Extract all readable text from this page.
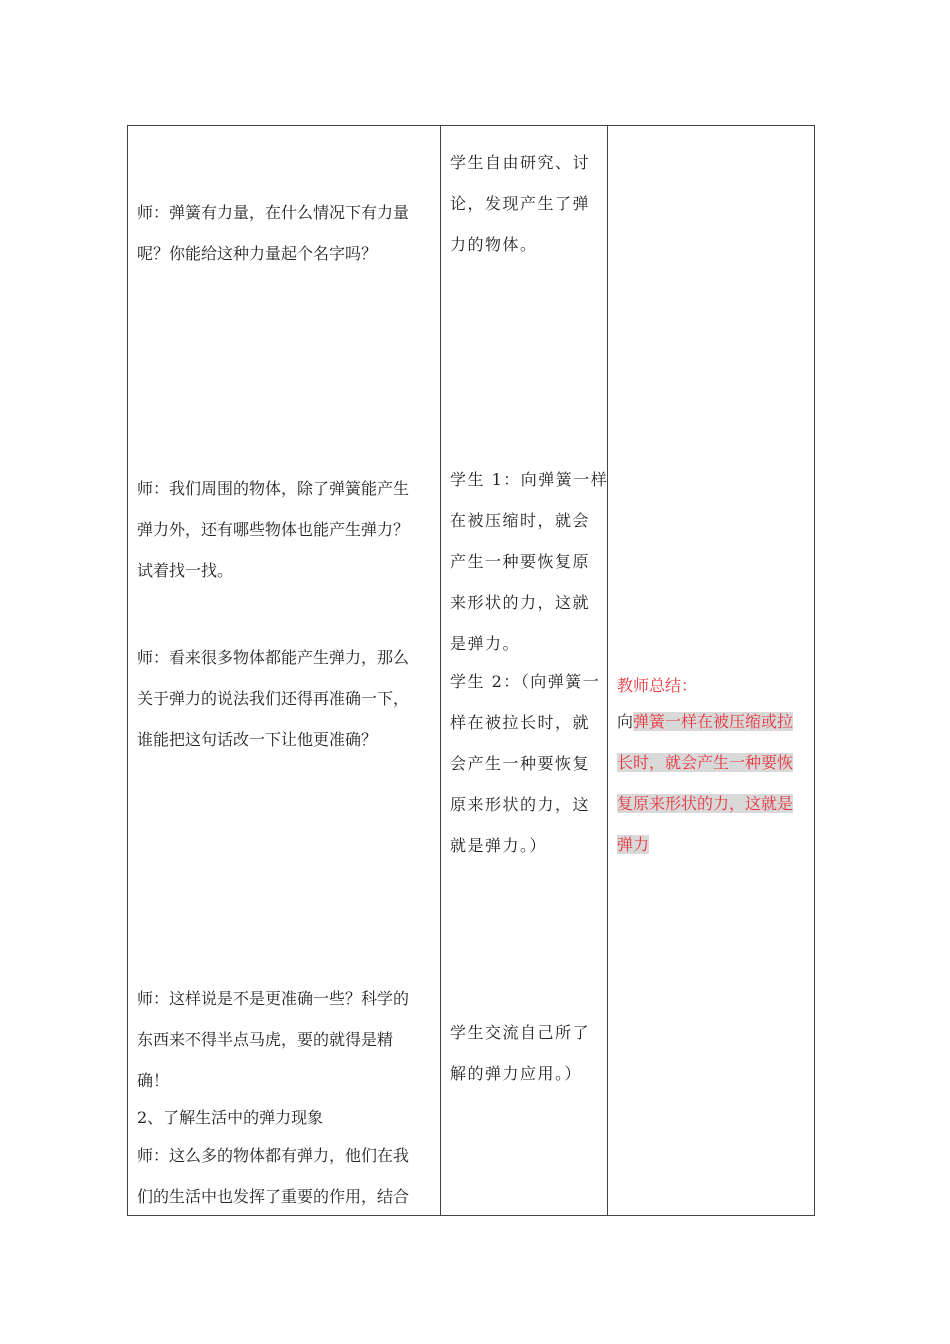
师：弹簧有力量，在什么情况下有力量
呢？你能给这种力量起个名字吗？
师：我们周围的物体，除了弹簧能产生
弹力外，还有哪些物体也能产生弹力？
试着找一找。
师：看来很多物体都能产生弹力，那么
关于弹力的说法我们还得再准确一下，
谁能把这句话改一下让他更准确？
师：这样说是不是更准确一些？科学的
东西来不得半点马虎，要的就得是精
确！
2、了解生活中的弹力现象
师：这么多的物体都有弹力，他们在我
们的生活中也发挥了重要的作用，结合
学生自由研究、讨
论，发现产生了弹
力的物体。
学生 1：向弹簧一样
在被压缩时，就会
产生一种要恢复原
来形状的力，这就
是弹力。
学生 2：（向弹簧一
样在被拉长时，就
会产生一种要恢复
原来形状的力，这
就是弹力。）
学生交流自己所了
解的弹力应用。）
教师总结：
向弹簧一样在被压缩或拉
长时，就会产生一种要恢
复原来形状的力，这就是
弹力
